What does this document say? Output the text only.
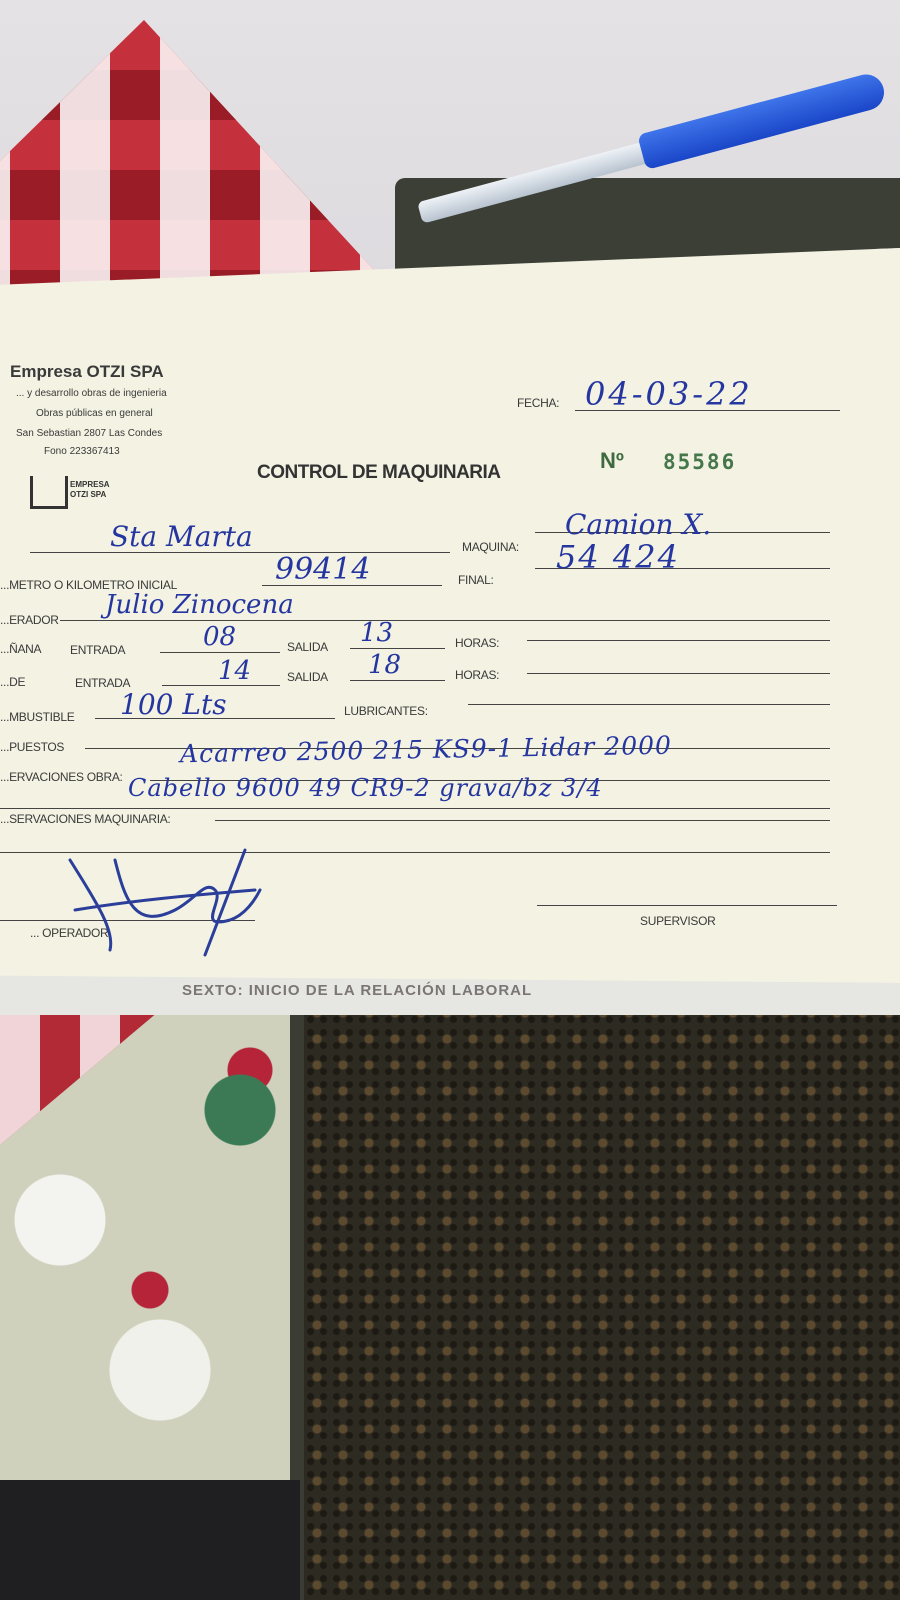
SEXTO: INICIO DE LA RELACIÓN LABORAL
Empresa OTZI SPA
... y desarrollo obras de ingenieria
Obras públicas en general
San Sebastian 2807 Las Condes
Fono 223367413
EMPRESA
OTZI SPA
FECHA: 04-03-22
CONTROL DE MAQUINARIA	Nº 85586
Sta Marta	MAQUINA:
Camion X.
...METRO O KILOMETRO INICIAL	99414	FINAL:
54 424
...ERADOR Julio Zinocena
...ÑANA ENTRADA	08	SALIDA 13	HORAS:
...DE	ENTRADA	14	SALIDA 18	HORAS:
...MBUSTIBLE 100 Lts	LUBRICANTES:
...PUESTOS
...ERVACIONES OBRA:
Acarreo 2500 215 KS9-1 Lidar 2000
Cabello 9600 49 CR9-2 grava/bz 3/4
...SERVACIONES MAQUINARIA:
... OPERADOR
SUPERVISOR
